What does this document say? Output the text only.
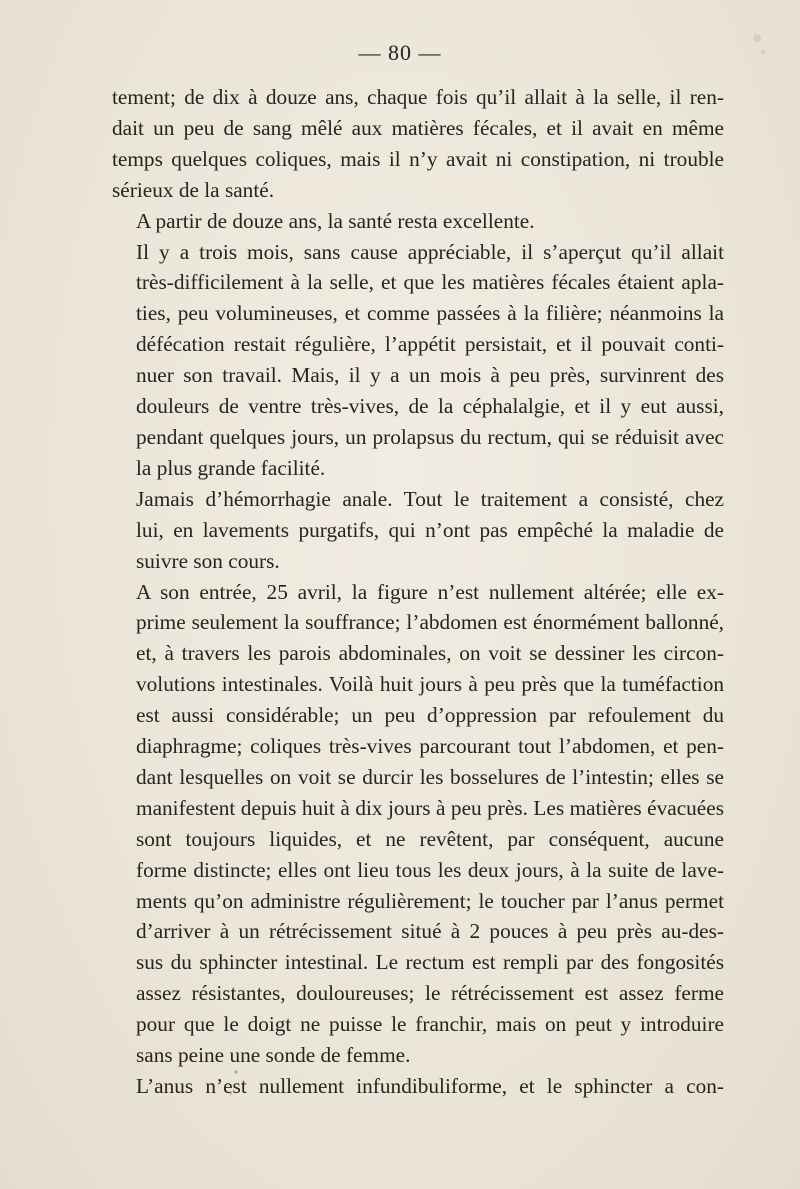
— 80 —

tement; de dix à douze ans, chaque fois qu’il allait à la selle, il ren-
dait un peu de sang mêlé aux matières fécales, et il avait en même
temps quelques coliques, mais il n’y avait ni constipation, ni trouble
sérieux de la santé.

A partir de douze ans, la santé resta excellente.

Il y a trois mois, sans cause appréciable, il s’aperçut qu’il allait
très-difficilement à la selle, et que les matières fécales étaient apla-
ties, peu volumineuses, et comme passées à la filière; néanmoins la
défécation restait régulière, l’appétit persistait, et il pouvait conti-
nuer son travail. Mais, il y a un mois à peu près, survinrent des
douleurs de ventre très-vives, de la céphalalgie, et il y eut aussi,
pendant quelques jours, un prolapsus du rectum, qui se réduisit avec
la plus grande facilité.

Jamais d’hémorrhagie anale. Tout le traitement a consisté, chez
lui, en lavements purgatifs, qui n’ont pas empêché la maladie de
suivre son cours.

A son entrée, 25 avril, la figure n’est nullement altérée; elle ex-
prime seulement la souffrance; l’abdomen est énormément ballonné,
et, à travers les parois abdominales, on voit se dessiner les circon-
volutions intestinales. Voilà huit jours à peu près que la tuméfaction
est aussi considérable; un peu d’oppression par refoulement du
diaphragme; coliques très-vives parcourant tout l’abdomen, et pen-
dant lesquelles on voit se durcir les bosselures de l’intestin; elles se
manifestent depuis huit à dix jours à peu près. Les matières évacuées
sont toujours liquides, et ne revêtent, par conséquent, aucune
forme distincte; elles ont lieu tous les deux jours, à la suite de lave-
ments qu’on administre régulièrement; le toucher par l’anus permet
d’arriver à un rétrécissement situé à 2 pouces à peu près au-des-
sus du sphincter intestinal. Le rectum est rempli par des fongosités
assez résistantes, douloureuses; le rétrécissement est assez ferme
pour que le doigt ne puisse le franchir, mais on peut y introduire
sans peine une sonde de femme.

L’anus n’est nullement infundibuliforme, et le sphincter a con-
